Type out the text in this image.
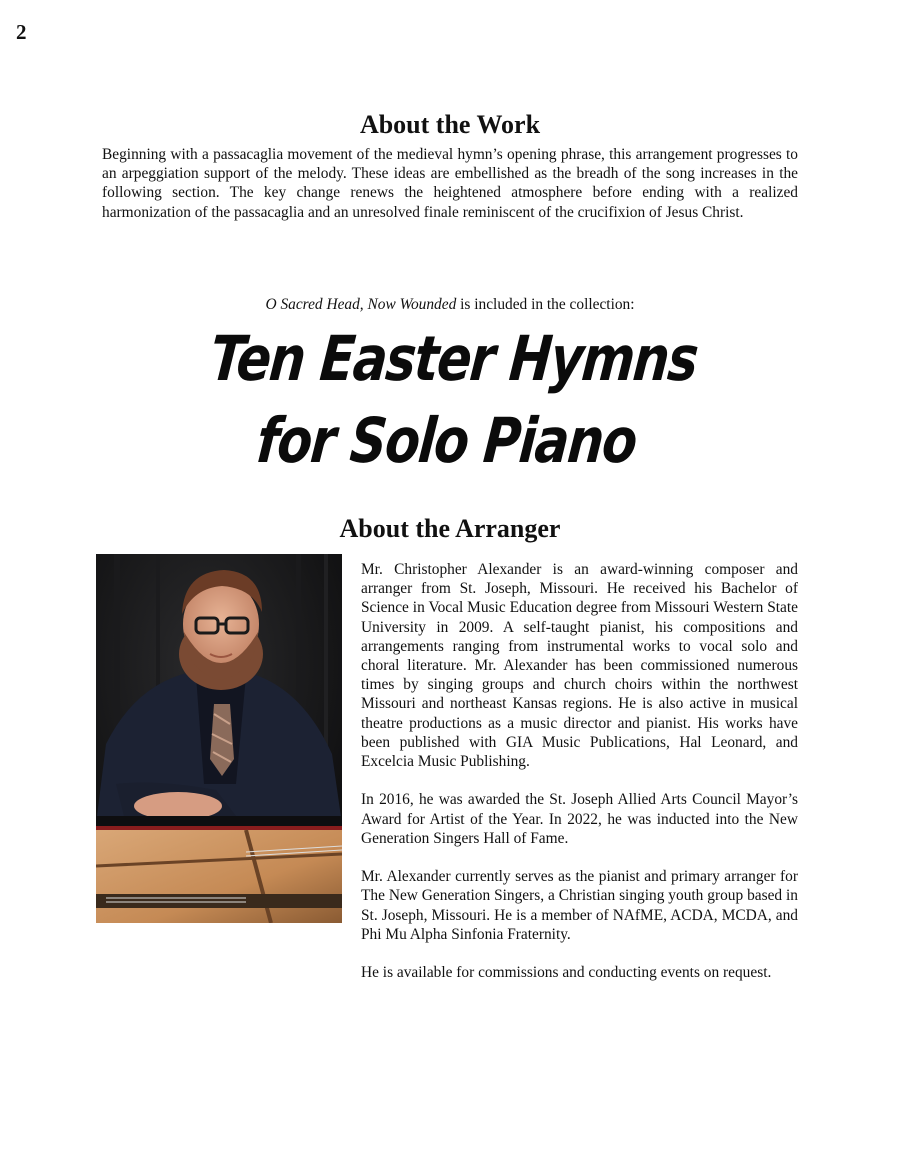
2
About the Work

Beginning with a passacaglia movement of the medieval hymn’s opening phrase, this arrangement progresses to an arpeggiation support of the melody. These ideas are embellished as the breadh of the song increases in the following section. The key change renews the heightened atmosphere before ending with a realized harmonization of the passacaglia and an unresolved finale reminiscent of the crucifixion of Jesus Christ.

O Sacred Head, Now Wounded is included in the collection:
Ten Easter Hymns
for Solo Piano
About the Arranger

Mr. Christopher Alexander is an award-winning composer and arranger from St. Joseph, Missouri. He received his Bachelor of Science in Vocal Music Education degree from Missouri Western State University in 2009. A self-taught pianist, his compositions and arrangements ranging from instrumental works to vocal solo and choral literature. Mr. Alexander has been commissioned numerous times by singing groups and church choirs within the northwest Missouri and northeast Kansas regions. He is also active in musical theatre productions as a music director and pianist. His works have been published with GIA Music Publications, Hal Leonard, and Excelcia Music Publishing.

In 2016, he was awarded the St. Joseph Allied Arts Council Mayor’s Award for Artist of the Year. In 2022, he was inducted into the New Generation Singers Hall of Fame.

Mr. Alexander currently serves as the pianist and primary arranger for The New Generation Singers, a Christian singing youth group based in St. Joseph, Missouri. He is a member of NAfME, ACDA, MCDA, and Phi Mu Alpha Sinfonia Fraternity.

He is available for commissions and conducting events on request.
